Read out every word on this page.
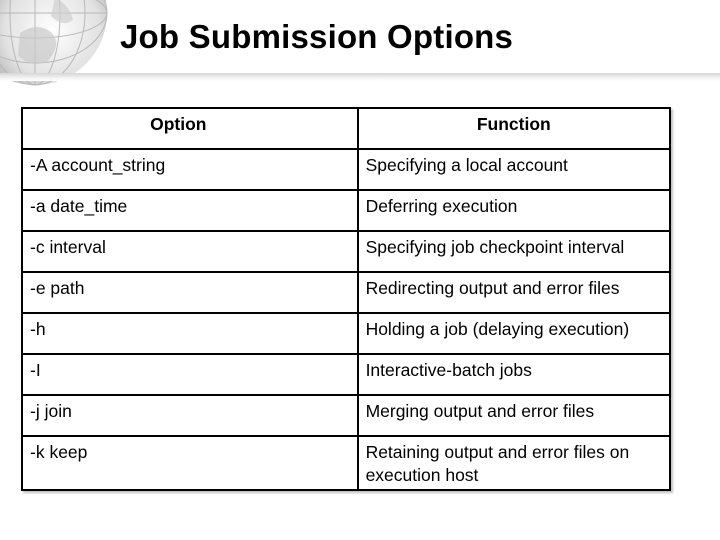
Job Submission Options
Option	Function
-A account_string	Specifying a local account
-a date_time	Deferring execution
-c interval	Specifying job checkpoint interval
-e path	Redirecting output and error files
-h	Holding a job (delaying execution)
-I	Interactive-batch jobs
-j join	Merging output and error files
-k keep	Retaining output and error files on execution host
